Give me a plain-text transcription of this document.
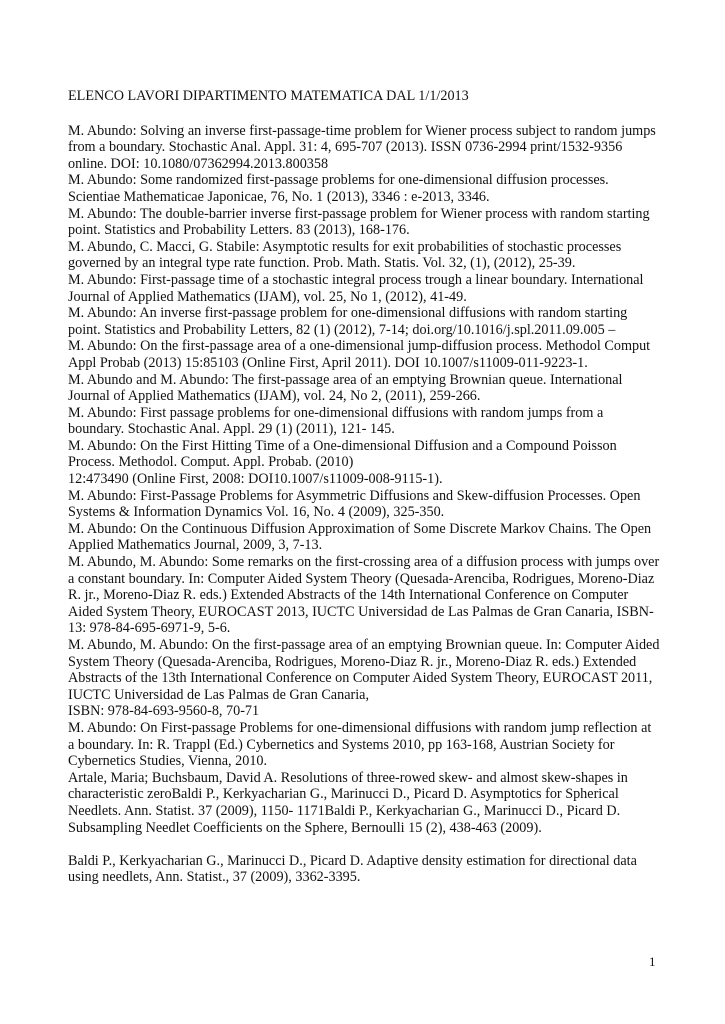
ELENCO LAVORI DIPARTIMENTO MATEMATICA DAL 1/1/2013

M. Abundo: Solving an inverse first-passage-time problem for Wiener process subject to random jumps from a boundary. Stochastic Anal. Appl. 31: 4, 695-707 (2013). ISSN 0736-2994 print/1532-9356 online. DOI: 10.1080/07362994.2013.800358

M. Abundo: Some randomized first-passage problems for one-dimensional diffusion processes. Scientiae Mathematicae Japonicae, 76, No. 1 (2013), 3346 : e-2013, 3346.

M. Abundo: The double-barrier inverse first-passage problem for Wiener process with random starting point. Statistics and Probability Letters. 83 (2013), 168-176.

M. Abundo, C. Macci, G. Stabile: Asymptotic results for exit probabilities of stochastic processes governed by an integral type rate function. Prob. Math. Statis. Vol. 32, (1), (2012), 25-39.

M. Abundo: First-passage time of a stochastic integral process trough a linear boundary. International Journal of Applied Mathematics (IJAM), vol. 25, No 1, (2012), 41-49.

M. Abundo: An inverse first-passage problem for one-dimensional diffusions with random starting point. Statistics and Probability Letters, 82 (1) (2012), 7-14; doi.org/10.1016/j.spl.2011.09.005 –

M. Abundo: On the first-passage area of a one-dimensional jump-diffusion process. Methodol Comput Appl Probab (2013) 15:85103 (Online First, April 2011). DOI 10.1007/s11009-011-9223-1.

M. Abundo and M. Abundo: The first-passage area of an emptying Brownian queue. International Journal of Applied Mathematics (IJAM), vol. 24, No 2, (2011), 259-266.

M. Abundo: First passage problems for one-dimensional diffusions with random jumps from a boundary. Stochastic Anal. Appl. 29 (1) (2011), 121- 145.

M. Abundo: On the First Hitting Time of a One-dimensional Diffusion and a Compound Poisson Process. Methodol. Comput. Appl. Probab. (2010)

12:473490 (Online First, 2008: DOI10.1007/s11009-008-9115-1).

M. Abundo: First-Passage Problems for Asymmetric Diffusions and Skew-diffusion Processes. Open Systems & Information Dynamics Vol. 16, No. 4 (2009), 325-350.

M. Abundo: On the Continuous Diffusion Approximation of Some Discrete Markov Chains. The Open Applied Mathematics Journal, 2009, 3, 7-13.

M. Abundo, M. Abundo: Some remarks on the first-crossing area of a diffusion process with jumps over a constant boundary. In: Computer Aided System Theory (Quesada-Arenciba, Rodrigues, Moreno-Diaz R. jr., Moreno-Diaz R. eds.) Extended Abstracts of the 14th International Conference on Computer Aided System Theory, EUROCAST 2013, IUCTC Universidad de Las Palmas de Gran Canaria, ISBN-13: 978-84-695-6971-9, 5-6.

M. Abundo, M. Abundo: On the first-passage area of an emptying Brownian queue. In: Computer Aided System Theory (Quesada-Arenciba, Rodrigues, Moreno-Diaz R. jr., Moreno-Diaz R. eds.) Extended Abstracts of the 13th International Conference on Computer Aided System Theory, EUROCAST 2011, IUCTC Universidad de Las Palmas de Gran Canaria,

ISBN: 978-84-693-9560-8, 70-71

M. Abundo: On First-passage Problems for one-dimensional diffusions with random jump reflection at a boundary. In: R. Trappl (Ed.) Cybernetics and Systems 2010, pp 163-168, Austrian Society for Cybernetics Studies, Vienna, 2010.

Artale, Maria; Buchsbaum, David A. Resolutions of three-rowed skew- and almost skew-shapes in characteristic zeroBaldi P., Kerkyacharian G., Marinucci D., Picard D. Asymptotics for Spherical Needlets. Ann. Statist. 37 (2009), 1150- 1171Baldi P., Kerkyacharian G., Marinucci D., Picard D. Subsampling Needlet Coefficients on the Sphere, Bernoulli 15 (2), 438-463 (2009).

Baldi P., Kerkyacharian G., Marinucci D., Picard D. Adaptive density estimation for directional data using needlets, Ann. Statist., 37 (2009), 3362-3395.

1
